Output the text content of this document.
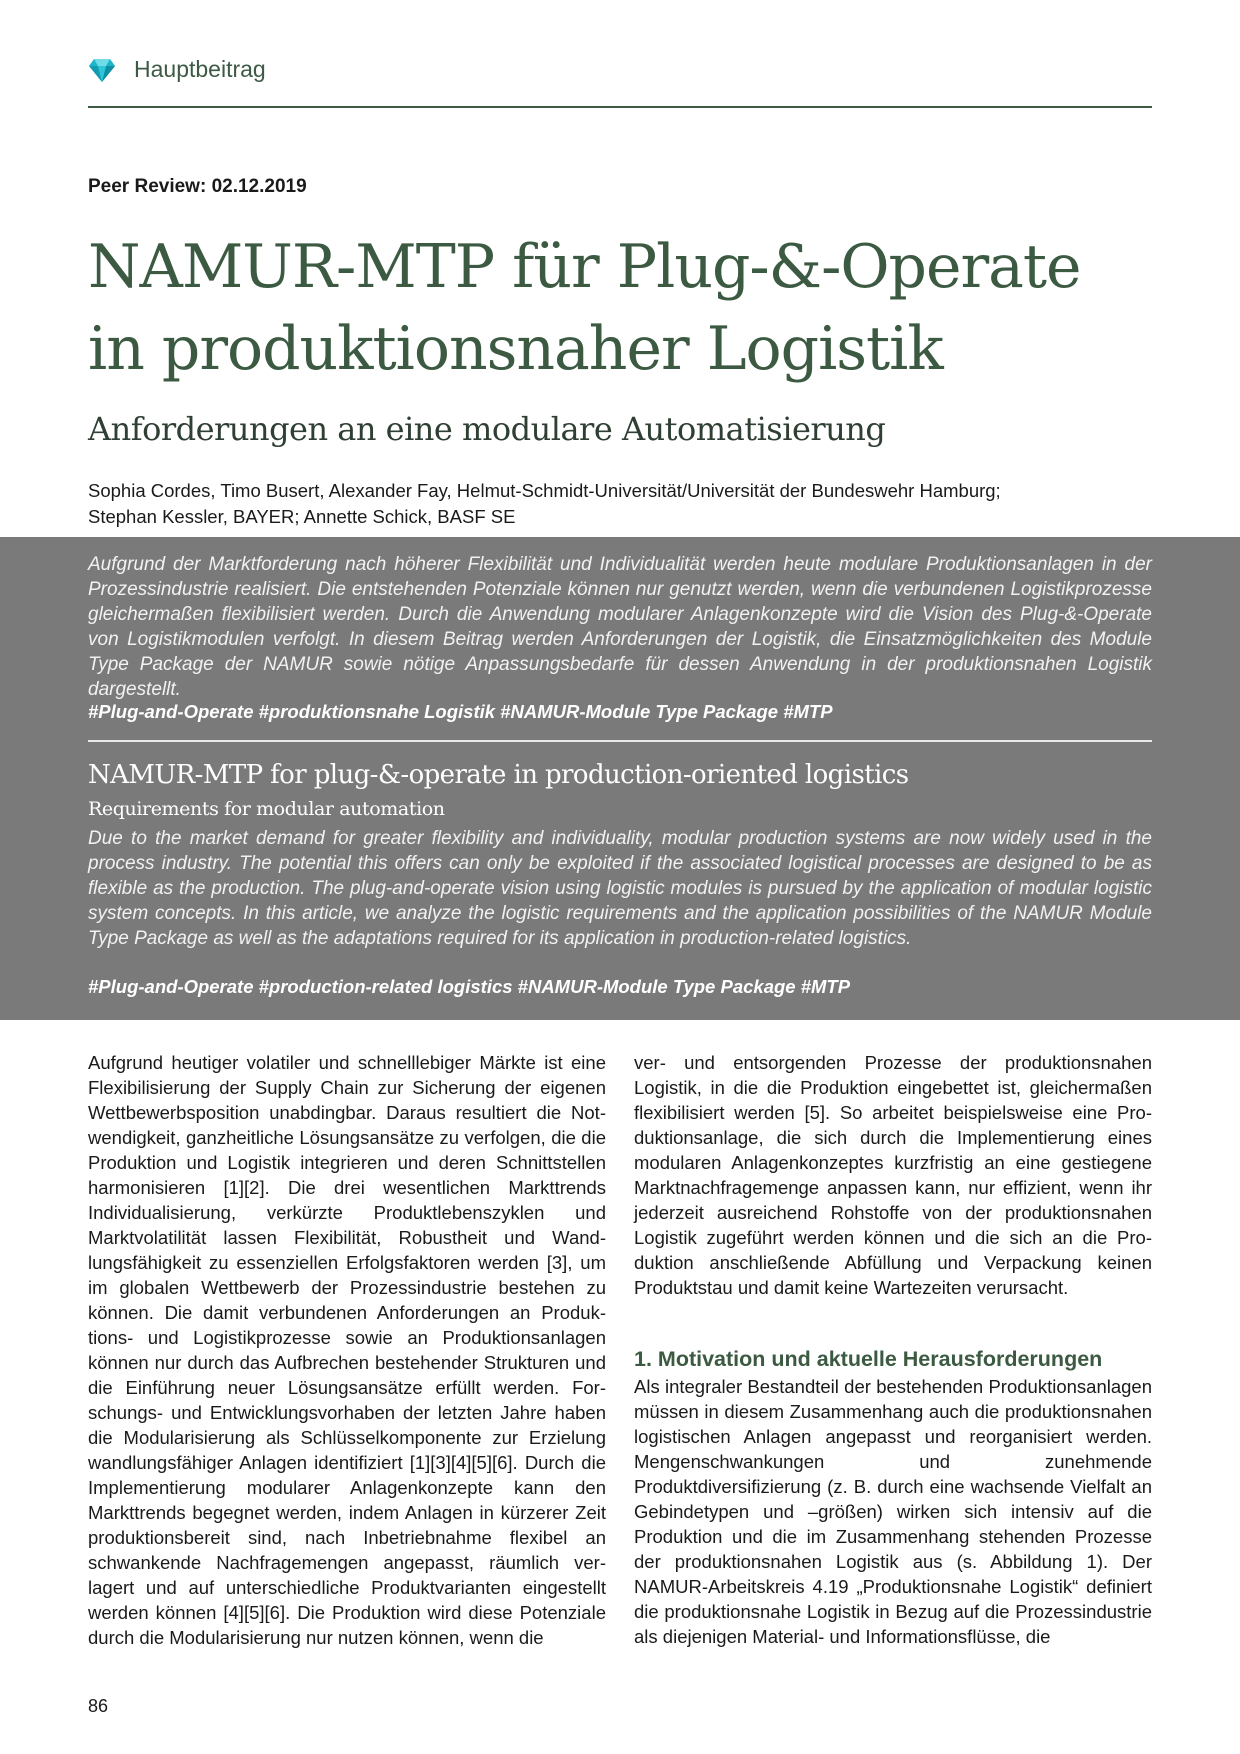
Hauptbeitrag
Peer Review: 02.12.2019
NAMUR-MTP für Plug-&-Operate
in produktionsnaher Logistik
Anforderungen an eine modulare Automatisierung
Sophia Cordes, Timo Busert, Alexander Fay, Helmut-Schmidt-Universität/Universität der Bundeswehr Hamburg;
Stephan Kessler, BAYER; Annette Schick, BASF SE
Aufgrund der Marktforderung nach höherer Flexibilität und Individualität werden heute modulare Produktionsanlagen in der Prozessindustrie realisiert. Die entstehenden Potenziale können nur genutzt werden, wenn die verbundenen Logistikprozesse gleichermaßen flexibilisiert werden. Durch die Anwendung modularer Anlagenkonzepte wird die Vision des Plug-&-Operate von Logistikmodulen verfolgt. In diesem Beitrag werden Anforderungen der Logistik, die Einsatzmöglichkeiten des Module Type Package der NAMUR sowie nötige Anpassungsbedarfe für dessen Anwendung in der produktionsnahen Logistik dargestellt.
#Plug-and-Operate #produktionsnahe Logistik #NAMUR-Module Type Package #MTP
NAMUR-MTP for plug-&-operate in production-oriented logistics
Requirements for modular automation
Due to the market demand for greater flexibility and individuality, modular production systems are now widely used in the process industry. The potential this offers can only be exploited if the associated logistical processes are designed to be as flexible as the production. The plug-and-operate vision using logistic modules is pursued by the application of modular logistic system concepts. In this article, we analyze the logistic requirements and the application possibilities of the NAMUR Module Type Package as well as the adaptations required for its application in production-related logistics.
#Plug-and-Operate #production-related logistics #NAMUR-Module Type Package #MTP

Aufgrund heutiger volatiler und schnelllebiger Märkte ist eine Flexibilisierung der Supply Chain zur Sicherung der eigenen Wettbewerbsposition unabdingbar. Daraus resultiert die Notwendigkeit, ganzheitliche Lösungsansätze zu verfolgen, die die Produktion und Logistik integrieren und deren Schnittstellen harmonisieren [1][2]. Die drei wesentlichen Markttrends Individualisierung, verkürzte Produktlebenszyklen und Marktvolatilität lassen Flexibilität, Robustheit und Wandlungsfähigkeit zu essenziellen Erfolgsfaktoren werden [3], um im globalen Wettbewerb der Prozessindustrie bestehen zu können. Die damit verbundenen Anforderungen an Produktions- und Logistikprozesse sowie an Produktionsanlagen können nur durch das Aufbrechen bestehender Strukturen und die Einführung neuer Lösungsansätze erfüllt werden. Forschungs- und Entwicklungsvorhaben der letzten Jahre haben die Modularisierung als Schlüsselkomponente zur Erzielung wandlungsfähiger Anlagen identifiziert [1][3][4][5][6]. Durch die Implementierung modularer Anlagenkonzepte kann den Markttrends begegnet werden, indem Anlagen in kürzerer Zeit produktionsbereit sind, nach Inbetriebnahme flexibel an schwankende Nachfragemengen angepasst, räumlich verlagert und auf unterschiedliche Produktvarianten eingestellt werden können [4][5][6]. Die Produktion wird diese Potenziale durch die Modularisierung nur nutzen können, wenn die

ver- und entsorgenden Prozesse der produktionsnahen Logistik, in die die Produktion eingebettet ist, gleichermaßen flexibilisiert werden [5]. So arbeitet beispielsweise eine Produktionsanlage, die sich durch die Implementierung eines modularen Anlagenkonzeptes kurzfristig an eine gestiegene Marktnachfragemenge anpassen kann, nur effizient, wenn ihr jederzeit ausreichend Rohstoffe von der produktionsnahen Logistik zugeführt werden können und die sich an die Produktion anschließende Abfüllung und Verpackung keinen Produktstau und damit keine Wartezeiten verursacht.

1. Motivation und aktuelle Herausforderungen

Als integraler Bestandteil der bestehenden Produktionsanlagen müssen in diesem Zusammenhang auch die produktionsnahen logistischen Anlagen angepasst und reorganisiert werden. Mengenschwankungen und zunehmende Produktdiversifizierung (z. B. durch eine wachsende Vielfalt an Gebindetypen und –größen) wirken sich intensiv auf die Produktion und die im Zusammenhang stehenden Prozesse der produktionsnahen Logistik aus (s. Abbildung 1). Der NAMUR-Arbeitskreis 4.19 „Produktionsnahe Logistik“ definiert die produktionsnahe Logistik in Bezug auf die Prozessindustrie als diejenigen Material- und Informationsflüsse, die

86
